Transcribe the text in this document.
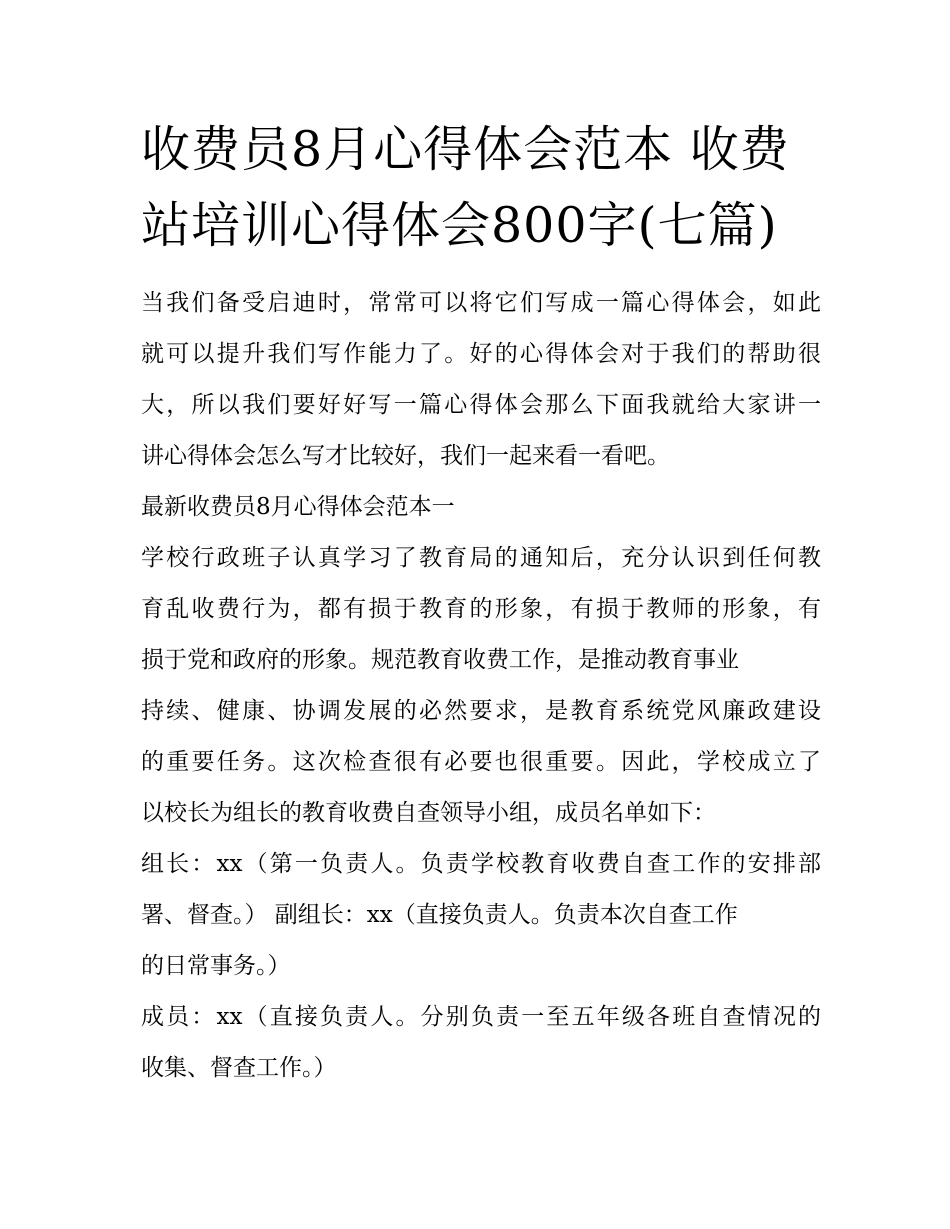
收费员8月心得体会范本 收费
站培训心得体会800字(七篇)
当我们备受启迪时，常常可以将它们写成一篇心得体会，如此
就可以提升我们写作能力了。好的心得体会对于我们的帮助很
大，所以我们要好好写一篇心得体会那么下面我就给大家讲一
讲心得体会怎么写才比较好，我们一起来看一看吧。
最新收费员8月心得体会范本一
学校行政班子认真学习了教育局的通知后，充分认识到任何教
育乱收费行为，都有损于教育的形象，有损于教师的形象，有
损于党和政府的形象。规范教育收费工作，是推动教育事业
持续、健康、协调发展的必然要求，是教育系统党风廉政建设
的重要任务。这次检查很有必要也很重要。因此，学校成立了
以校长为组长的教育收费自查领导小组，成员名单如下：
组长：xx（第一负责人。负责学校教育收费自查工作的安排部
署、督查。） 副组长：xx（直接负责人。负责本次自查工作
的日常事务。）
成员：xx（直接负责人。分别负责一至五年级各班自查情况的
收集、督查工作。）
